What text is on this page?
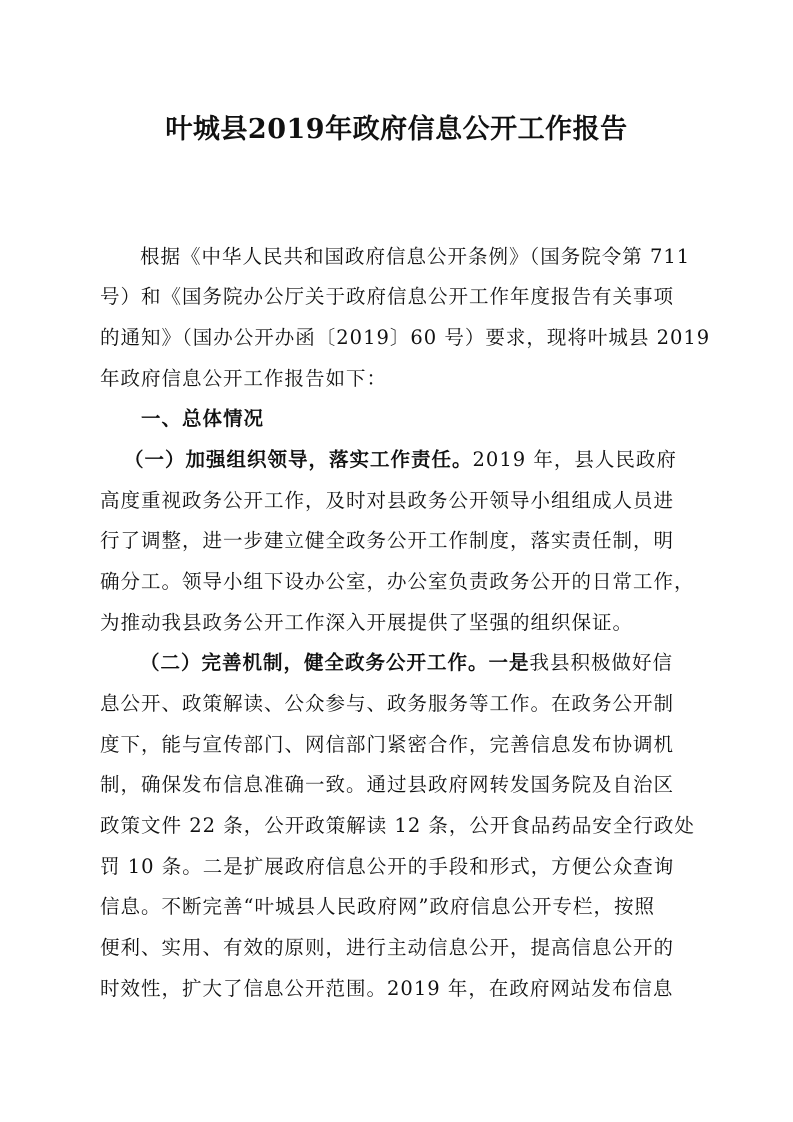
叶城县2019年政府信息公开工作报告
根据《中华人民共和国政府信息公开条例》（国务院令第 711
号）和《国务院办公厅关于政府信息公开工作年度报告有关事项
的通知》（国办公开办函〔2019〕60 号）要求，现将叶城县 2019
年政府信息公开工作报告如下：
一、总体情况
（一）加强组织领导，落实工作责任。2019 年，县人民政府
高度重视政务公开工作，及时对县政务公开领导小组组成人员进
行了调整，进一步建立健全政务公开工作制度，落实责任制，明
确分工。领导小组下设办公室，办公室负责政务公开的日常工作，
为推动我县政务公开工作深入开展提供了坚强的组织保证。
（二）完善机制，健全政务公开工作。一是我县积极做好信
息公开、政策解读、公众参与、政务服务等工作。在政务公开制
度下，能与宣传部门、网信部门紧密合作，完善信息发布协调机
制，确保发布信息准确一致。通过县政府网转发国务院及自治区
政策文件 22 条，公开政策解读 12 条，公开食品药品安全行政处
罚 10 条。二是扩展政府信息公开的手段和形式，方便公众查询
信息。不断完善“叶城县人民政府网”政府信息公开专栏，按照
便利、实用、有效的原则，进行主动信息公开，提高信息公开的
时效性，扩大了信息公开范围。2019 年，在政府网站发布信息
